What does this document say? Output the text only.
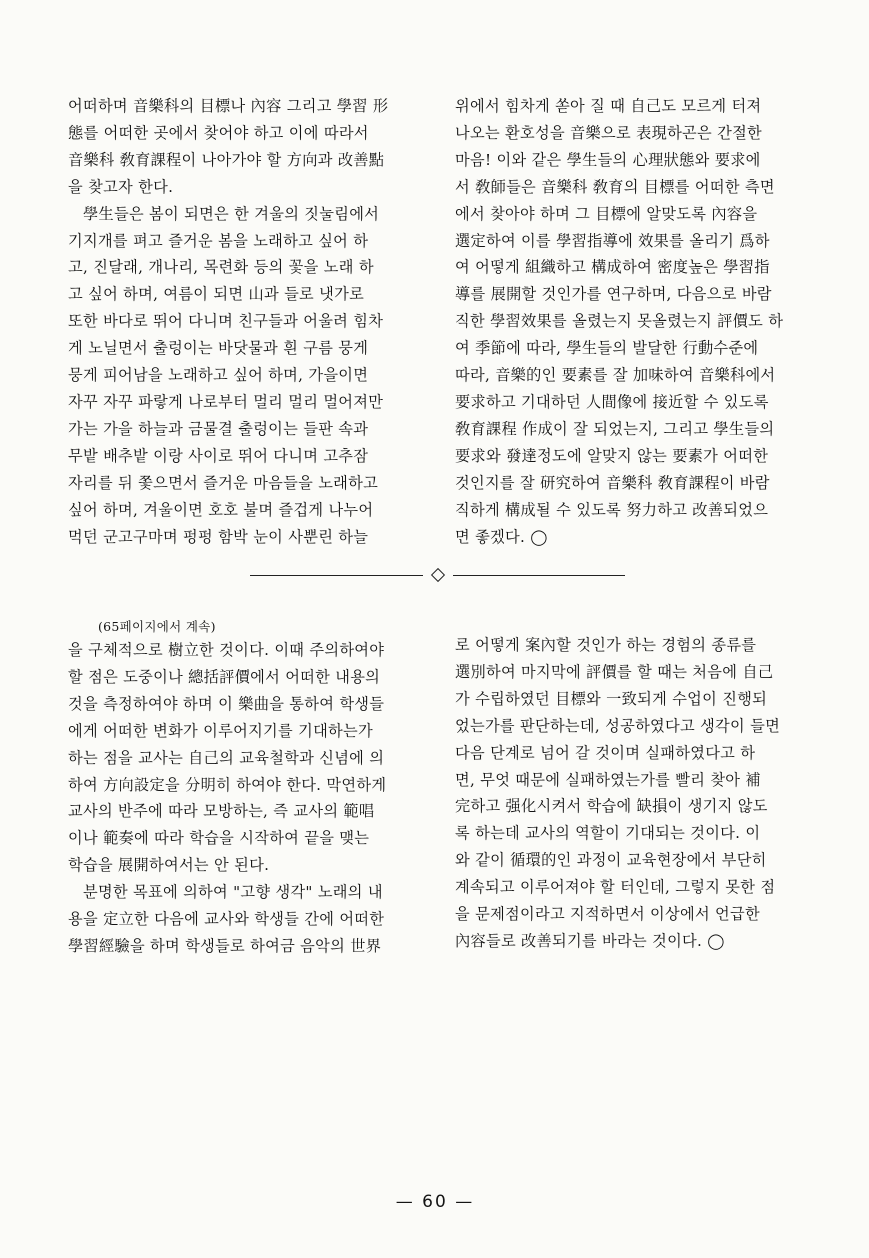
어떠하며 音樂科의 目標나 內容 그리고 學習 形

態를 어떠한 곳에서 찾어야 하고 이에 따라서

音樂科 敎育課程이 나아가야 할 方向과 改善點

을 찾고자 한다.

學生들은 봄이 되면은 한 겨울의 짓눌림에서

기지개를 펴고 즐거운 봄을 노래하고 싶어 하

고, 진달래, 개나리, 목련화 등의 꽃을 노래 하

고 싶어 하며, 여름이 되면 山과 들로 냇가로

또한 바다로 뛰어 다니며 친구들과 어울려 힘차

게 노닐면서 출렁이는 바닷물과 흰 구름 뭉게

뭉게 피어남을 노래하고 싶어 하며, 가을이면

자꾸 자꾸 파랗게 나로부터 멀리 멀리 멀어져만

가는 가을 하늘과 금물결 출렁이는 들판 속과

무밭 배추밭 이랑 사이로 뛰어 다니며 고추잠

자리를 뒤 쫓으면서 즐거운 마음들을 노래하고

싶어 하며, 겨울이면 호호 불며 즐겁게 나누어

먹던 군고구마며 펑펑 함박 눈이 사뿐린 하늘

위에서 힘차게 쏟아 질 때 自己도 모르게 터져

나오는 환호성을 音樂으로 表現하곤은 간절한

마음! 이와 같은 學生들의 心理狀態와 要求에

서 敎師들은 音樂科 敎育의 目標를 어떠한 측면

에서 찾아야 하며 그 目標에 알맞도록 內容을

選定하여 이를 學習指導에 效果를 올리기 爲하

여 어떻게 組織하고 構成하여 密度높은 學習指

導를 展開할 것인가를 연구하며, 다음으로 바람

직한 學習效果를 올렸는지 못올렸는지 評價도 하

여 季節에 따라, 學生들의 발달한 行動수준에

따라, 音樂的인 要素를 잘 加味하여 音樂科에서

要求하고 기대하던 人間像에 接近할 수 있도록

敎育課程 作成이 잘 되었는지, 그리고 學生들의

要求와 發達정도에 알맞지 않는 要素가 어떠한

것인지를 잘 研究하여 音樂科 敎育課程이 바람

직하게 構成될 수 있도록 努力하고 改善되었으

면 좋겠다. ◯

(65페이지에서 계속)

을 구체적으로 樹立한 것이다. 이때 주의하여야

할 점은 도중이나 總括評價에서 어떠한 내용의

것을 측정하여야 하며 이 樂曲을 통하여 학생들

에게 어떠한 변화가 이루어지기를 기대하는가

하는 점을 교사는 自己의 교육철학과 신념에 의

하여 方向設定을 分明히 하여야 한다. 막연하게

교사의 반주에 따라 모방하는, 즉 교사의 範唱

이나 範奏에 따라 학습을 시작하여 끝을 맺는

학습을 展開하여서는 안 된다.

분명한 목표에 의하여 "고향 생각" 노래의 내

용을 定立한 다음에 교사와 학생들 간에 어떠한

學習經驗을 하며 학생들로 하여금 음악의 世界

로 어떻게 案內할 것인가 하는 경험의 종류를

選別하여 마지막에 評價를 할 때는 처음에 自己

가 수립하였던 目標와 一致되게 수업이 진행되

었는가를 판단하는데, 성공하였다고 생각이 들면

다음 단계로 넘어 갈 것이며 실패하였다고 하

면, 무엇 때문에 실패하였는가를 빨리 찾아 補

完하고 强化시켜서 학습에 缺損이 생기지 않도

록 하는데 교사의 역할이 기대되는 것이다. 이

와 같이 循環的인 과정이 교육현장에서 부단히

계속되고 이루어져야 할 터인데, 그렇지 못한 점

을 문제점이라고 지적하면서 이상에서 언급한

內容들로 改善되기를 바라는 것이다. ◯

— 60 —
